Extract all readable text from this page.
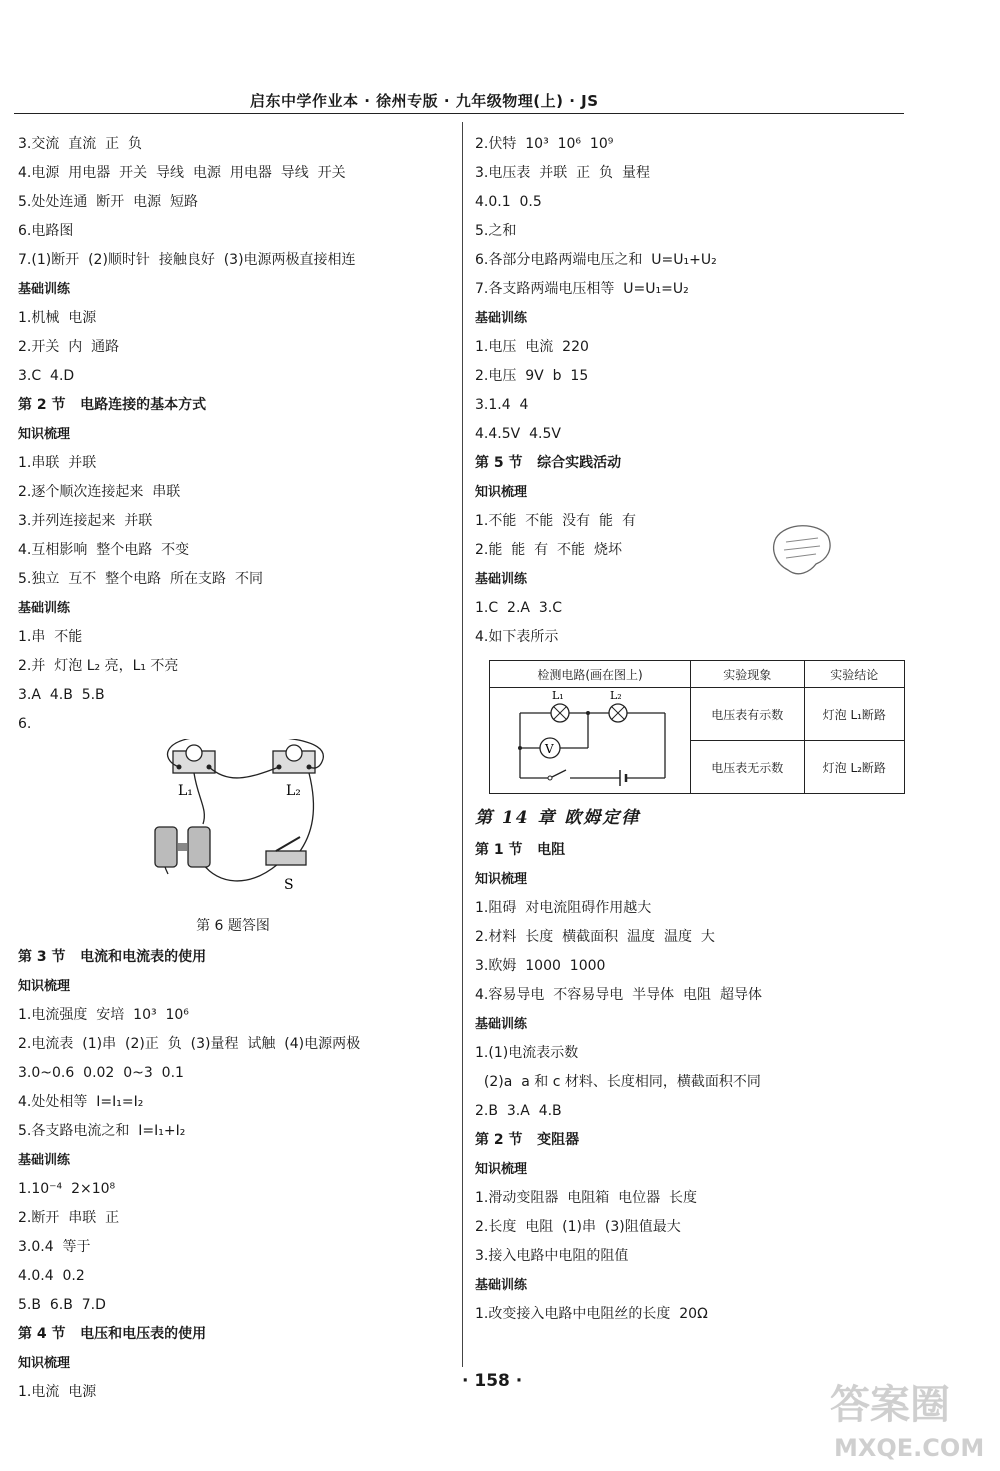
启东中学作业本 · 徐州专版 · 九年级物理(上) · JS
3.交流  直流  正  负
4.电源  用电器  开关  导线  电源  用电器  导线  开关
5.处处连通  断开  电源  短路
6.电路图
7.(1)断开  (2)顺时针  接触良好  (3)电源两极直接相连
基础训练
1.机械  电源
2.开关  内  通路
3.C  4.D
第 2 节   电路连接的基本方式
知识梳理
1.串联  并联
2.逐个顺次连接起来  串联
3.并列连接起来  并联
4.互相影响  整个电路  不变
5.独立  互不  整个电路  所在支路  不同
基础训练
1.串  不能
2.并  灯泡 L₂ 亮，L₁ 不亮
3.A  4.B  5.B
6.
L₁	L₂
S
第 6 题答图
第 3 节   电流和电流表的使用
知识梳理
1.电流强度  安培  10³  10⁶
2.电流表  (1)串  (2)正  负  (3)量程  试触  (4)电源两极
3.0~0.6  0.02  0~3  0.1
4.处处相等  I=I₁=I₂
5.各支路电流之和  I=I₁+I₂
基础训练
1.10⁻⁴  2×10⁸
2.断开  串联  正
3.0.4  等于
4.0.4  0.2
5.B  6.B  7.D
第 4 节   电压和电压表的使用
知识梳理
1.电流  电源
2.伏特  10³  10⁶  10⁹
3.电压表  并联  正  负  量程
4.0.1  0.5
5.之和
6.各部分电路两端电压之和  U=U₁+U₂
7.各支路两端电压相等  U=U₁=U₂
基础训练
1.电压  电流  220
2.电压  9V  b  15
3.1.4  4
4.4.5V  4.5V
第 5 节   综合实践活动
知识梳理
1.不能  不能  没有  能  有
2.能  能  有  不能  烧坏
基础训练
1.C  2.A  3.C
4.如下表所示
检测电路(画在图上)	实验现象	实验结论

V
L₁ L₂	电压表有示数	灯泡 L₁断路
	电压表无示数	灯泡 L₂断路
第 14 章 欧姆定律
第 1 节   电阻
知识梳理
1.阻碍  对电流阻碍作用越大
2.材料  长度  横截面积  温度  温度  大
3.欧姆  1000  1000
4.容易导电  不容易导电  半导体  电阻  超导体
基础训练
1.(1)电流表示数
(2)a  a 和 c 材料、长度相同，横截面积不同
2.B  3.A  4.B
第 2 节   变阻器
知识梳理
1.滑动变阻器  电阻箱  电位器  长度
2.长度  电阻  (1)串  (3)阻值最大
3.接入电路中电阻的阻值
基础训练
1.改变接入电路中电阻丝的长度  20Ω
· 158 ·
答案圈
MXQE.COM
